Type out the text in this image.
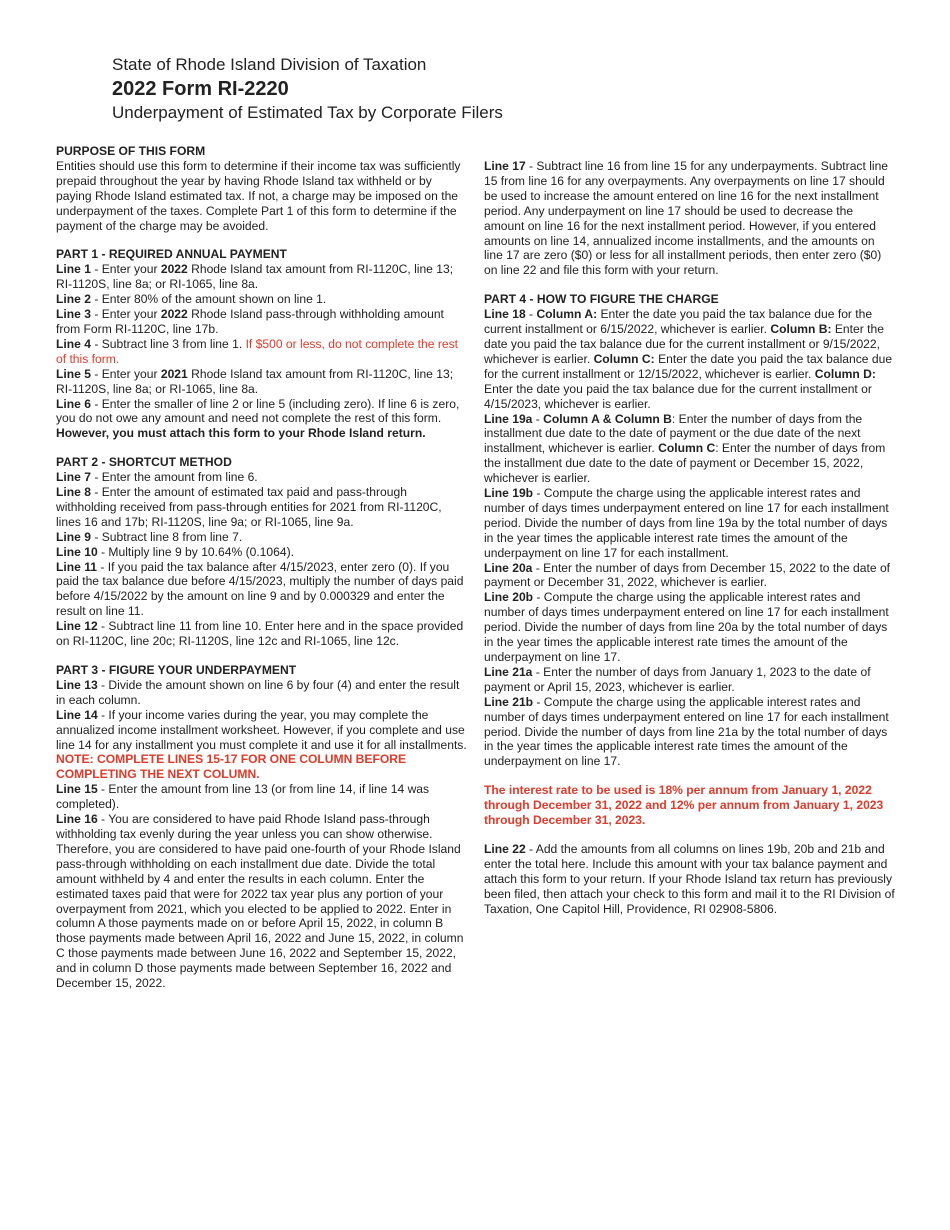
State of Rhode Island Division of Taxation
2022 Form RI-2220
Underpayment of Estimated Tax by Corporate Filers
PURPOSE OF THIS FORM

Entities should use this form to determine if their income tax was sufficiently prepaid throughout the year by having Rhode Island tax withheld or by paying Rhode Island estimated tax. If not, a charge may be imposed on the underpayment of the taxes. Complete Part 1 of this form to determine if the payment of the charge may be avoided.

PART 1 - REQUIRED ANNUAL PAYMENT

Line 1 - Enter your 2022 Rhode Island tax amount from RI-1120C, line 13; RI-1120S, line 8a; or RI-1065, line 8a.

Line 2 - Enter 80% of the amount shown on line 1.

Line 3 - Enter your 2022 Rhode Island pass-through withholding amount from Form RI-1120C, line 17b.

Line 4 - Subtract line 3 from line 1. If $500 or less, do not complete the rest of this form.

Line 5 - Enter your 2021 Rhode Island tax amount from RI-1120C, line 13; RI-1120S, line 8a; or RI-1065, line 8a.

Line 6 - Enter the smaller of line 2 or line 5 (including zero). If line 6 is zero, you do not owe any amount and need not complete the rest of this form. However, you must attach this form to your Rhode Island return.

PART 2 - SHORTCUT METHOD

Line 7 - Enter the amount from line 6.

Line 8 - Enter the amount of estimated tax paid and pass-through withholding received from pass-through entities for 2021 from RI-1120C, lines 16 and 17b; RI-1120S, line 9a; or RI-1065, line 9a.

Line 9 - Subtract line 8 from line 7.

Line 10 - Multiply line 9 by 10.64% (0.1064).

Line 11 - If you paid the tax balance after 4/15/2023, enter zero (0). If you paid the tax balance due before 4/15/2023, multiply the number of days paid before 4/15/2022 by the amount on line 9 and by 0.000329 and enter the result on line 11.

Line 12 - Subtract line 11 from line 10. Enter here and in the space provided on RI-1120C, line 20c; RI-1120S, line 12c and RI-1065, line 12c.

PART 3 - FIGURE YOUR UNDERPAYMENT

Line 13 - Divide the amount shown on line 6 by four (4) and enter the result in each column.

Line 14 - If your income varies during the year, you may complete the annualized income installment worksheet. However, if you complete and use line 14 for any installment you must complete it and use it for all installments.

NOTE: COMPLETE LINES 15-17 FOR ONE COLUMN BEFORE COMPLETING THE NEXT COLUMN.

Line 15 - Enter the amount from line 13 (or from line 14, if line 14 was completed).

Line 16 - You are considered to have paid Rhode Island pass-through withholding tax evenly during the year unless you can show otherwise. Therefore, you are considered to have paid one-fourth of your Rhode Island pass-through withholding on each installment due date. Divide the total amount withheld by 4 and enter the results in each column. Enter the estimated taxes paid that were for 2022 tax year plus any portion of your overpayment from 2021, which you elected to be applied to 2022. Enter in column A those payments made on or before April 15, 2022, in column B those payments made between April 16, 2022 and June 15, 2022, in column C those payments made between June 16, 2022 and September 15, 2022, and in column D those payments made between September 16, 2022 and December 15, 2022.

Line 17 - Subtract line 16 from line 15 for any underpayments. Subtract line 15 from line 16 for any overpayments. Any overpayments on line 17 should be used to increase the amount entered on line 16 for the next installment period. Any underpayment on line 17 should be used to decrease the amount on line 16 for the next installment period. However, if you entered amounts on line 14, annualized income installments, and the amounts on line 17 are zero ($0) or less for all installment periods, then enter zero ($0) on line 22 and file this form with your return.

PART 4 - HOW TO FIGURE THE CHARGE

Line 18 - Column A: Enter the date you paid the tax balance due for the current installment or 6/15/2022, whichever is earlier. Column B: Enter the date you paid the tax balance due for the current installment or 9/15/2022, whichever is earlier. Column C: Enter the date you paid the tax balance due for the current installment or 12/15/2022, whichever is earlier. Column D: Enter the date you paid the tax balance due for the current installment or 4/15/2023, whichever is earlier.

Line 19a - Column A & Column B: Enter the number of days from the installment due date to the date of payment or the due date of the next installment, whichever is earlier. Column C: Enter the number of days from the installment due date to the date of payment or December 15, 2022, whichever is earlier.

Line 19b - Compute the charge using the applicable interest rates and number of days times underpayment entered on line 17 for each installment period. Divide the number of days from line 19a by the total number of days in the year times the applicable interest rate times the amount of the underpayment on line 17 for each installment.

Line 20a - Enter the number of days from December 15, 2022 to the date of payment or December 31, 2022, whichever is earlier.

Line 20b - Compute the charge using the applicable interest rates and number of days times underpayment entered on line 17 for each installment period. Divide the number of days from line 20a by the total number of days in the year times the applicable interest rate times the amount of the underpayment on line 17.

Line 21a - Enter the number of days from January 1, 2023 to the date of payment or April 15, 2023, whichever is earlier.

Line 21b - Compute the charge using the applicable interest rates and number of days times underpayment entered on line 17 for each installment period. Divide the number of days from line 21a by the total number of days in the year times the applicable interest rate times the amount of the underpayment on line 17.

The interest rate to be used is 18% per annum from January 1, 2022 through December 31, 2022 and 12% per annum from January 1, 2023 through December 31, 2023.

Line 22 - Add the amounts from all columns on lines 19b, 20b and 21b and enter the total here. Include this amount with your tax balance payment and attach this form to your return. If your Rhode Island tax return has previously been filed, then attach your check to this form and mail it to the RI Division of Taxation, One Capitol Hill, Providence, RI 02908-5806.
